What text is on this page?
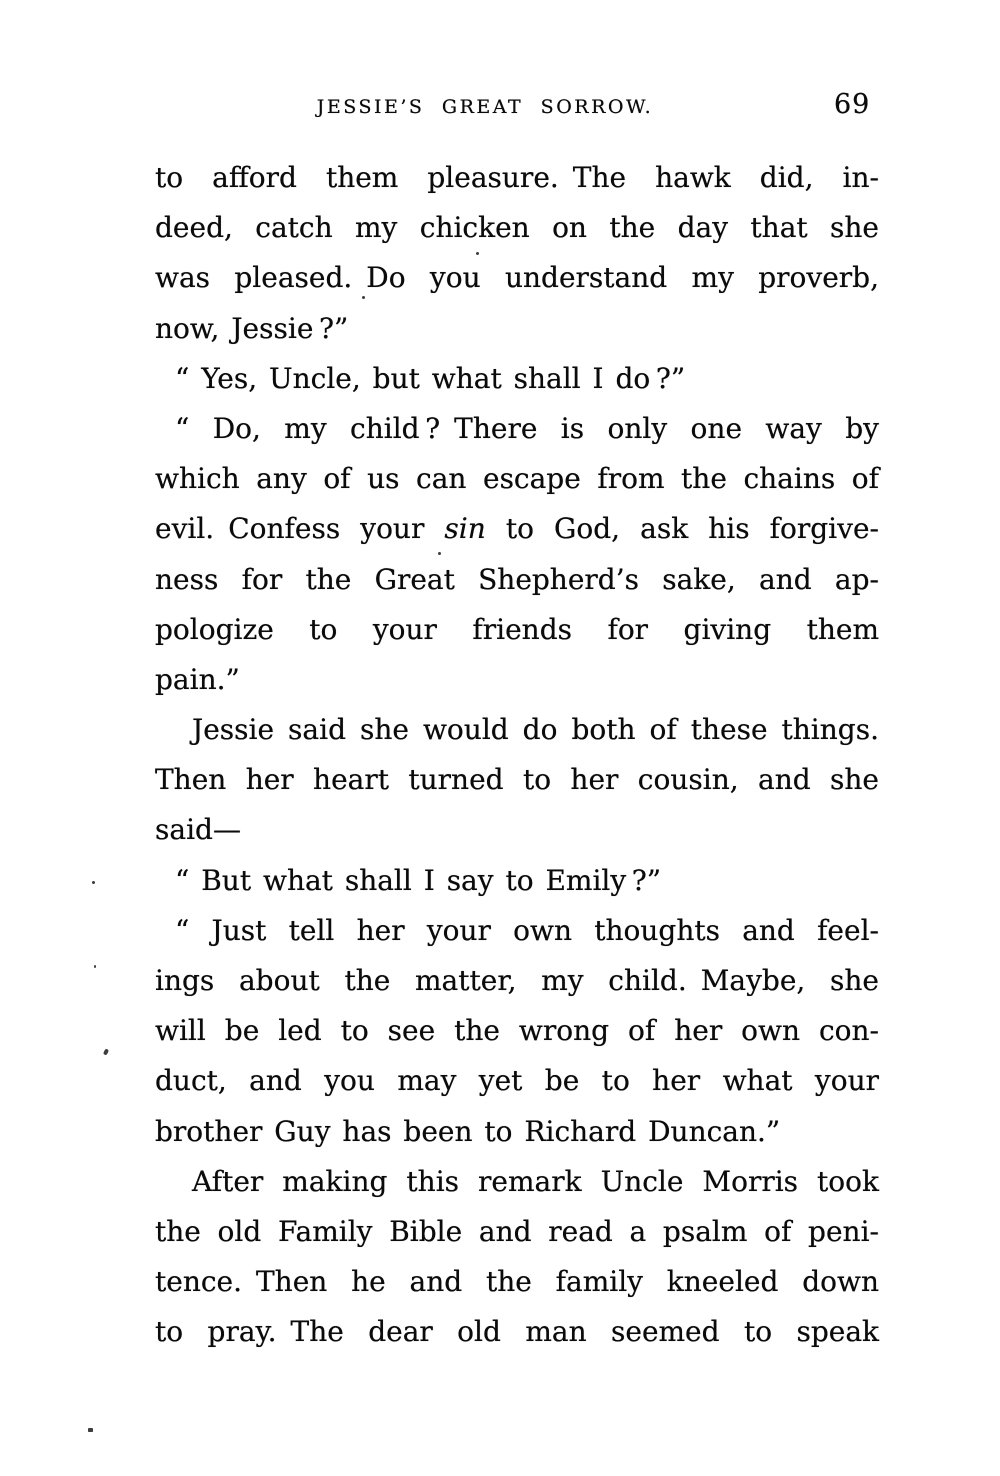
JESSIE’S GREAT SORROW.	69
to afford them pleasure. The hawk did, in-
deed, catch my chicken on the day that she
was pleased. Do you understand my proverb,
now, Jessie ?”
“ Yes, Uncle, but what shall I do ?”
“ Do, my child ? There is only one way by
which any of us can escape from the chains of
evil. Confess your sin to God, ask his forgive-
ness for the Great Shepherd’s sake, and ap-
pologize to your friends for giving them
pain.”
Jessie said she would do both of these things.
Then her heart turned to her cousin, and she
said—
“ But what shall I say to Emily ?”
“ Just tell her your own thoughts and feel-
ings about the matter, my child. Maybe, she
will be led to see the wrong of her own con-
duct, and you may yet be to her what your
brother Guy has been to Richard Duncan.”
After making this remark Uncle Morris took
the old Family Bible and read a psalm of peni-
tence. Then he and the family kneeled down
to pray. The dear old man seemed to speak
